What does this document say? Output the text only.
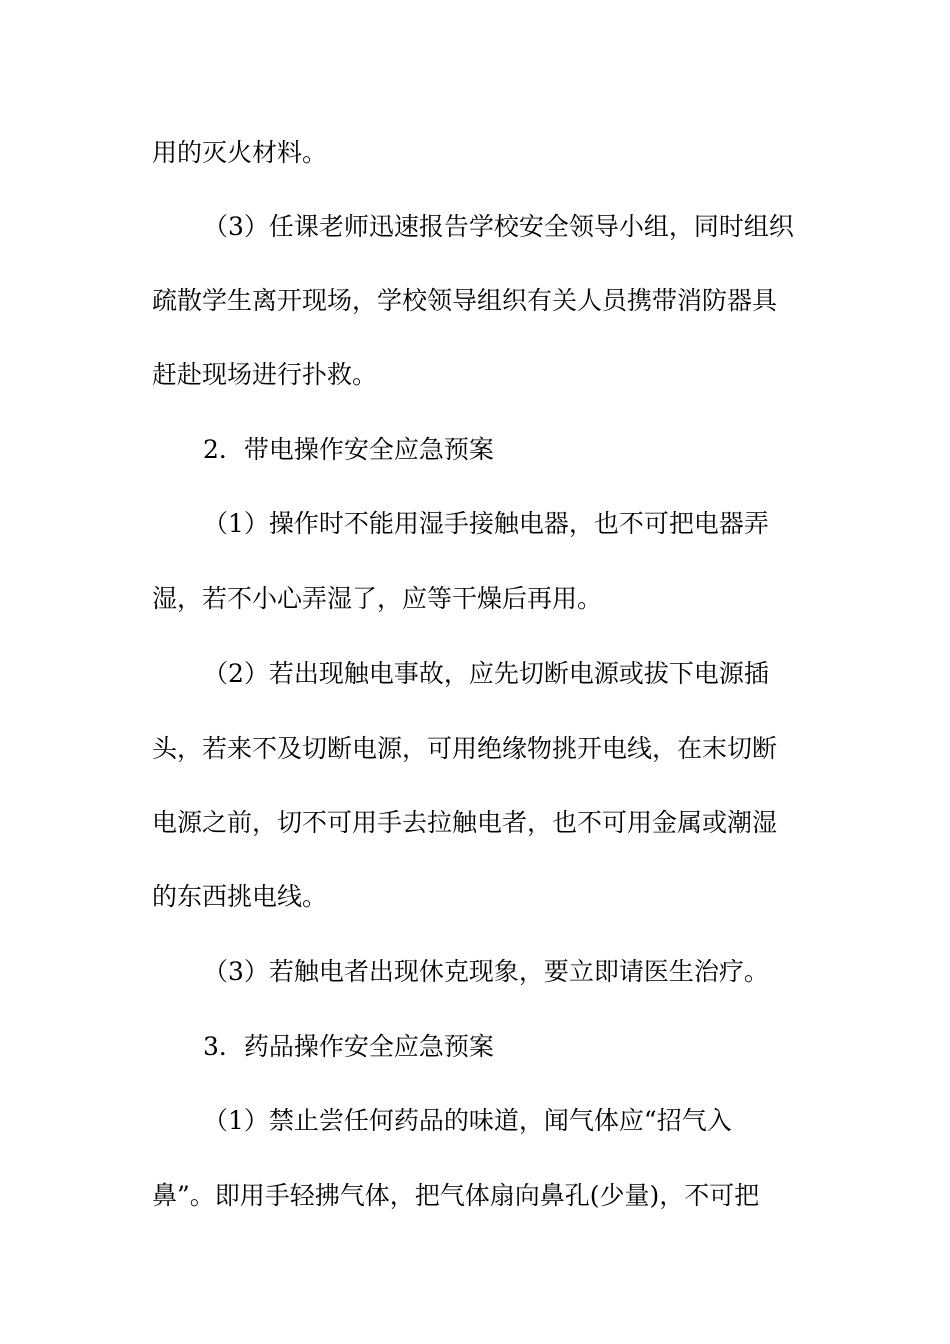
用的灭火材料。

（3）任课老师迅速报告学校安全领导小组，同时组织

疏散学生离开现场，学校领导组织有关人员携带消防器具

赶赴现场进行扑救。

2．带电操作安全应急预案

（1）操作时不能用湿手接触电器，也不可把电器弄

湿，若不小心弄湿了，应等干燥后再用。

（2）若出现触电事故，应先切断电源或拔下电源插

头，若来不及切断电源，可用绝缘物挑开电线，在末切断

电源之前，切不可用手去拉触电者，也不可用金属或潮湿

的东西挑电线。

（3）若触电者出现休克现象，要立即请医生治疗。

3．药品操作安全应急预案

（1）禁止尝任何药品的味道，闻气体应“招气入

鼻”。即用手轻拂气体，把气体扇向鼻孔(少量)，不可把
